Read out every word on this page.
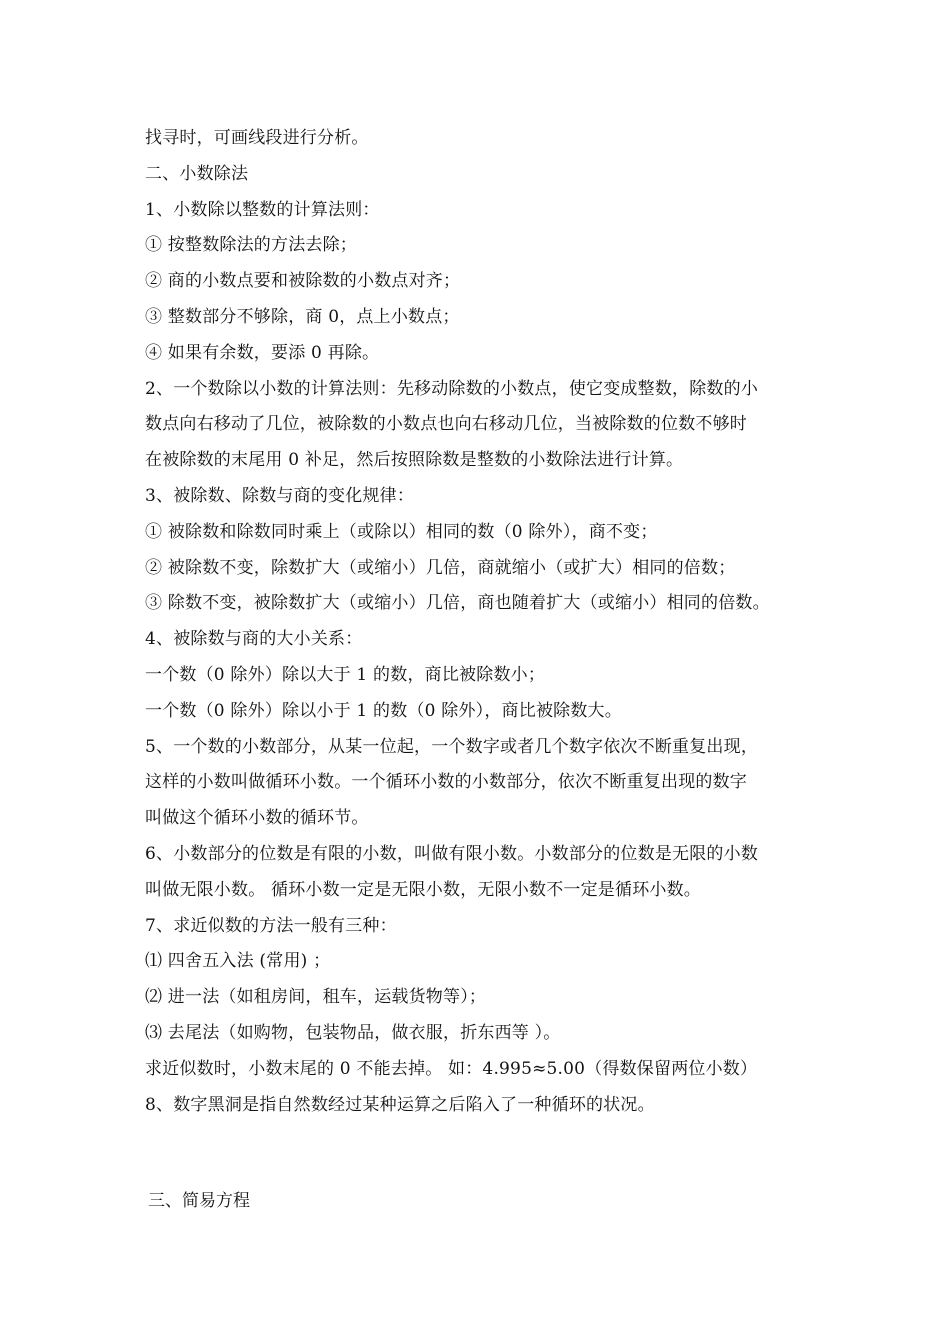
找寻时，可画线段进行分析。
二、小数除法
1、小数除以整数的计算法则：
① 按整数除法的方法去除；
② 商的小数点要和被除数的小数点对齐；
③ 整数部分不够除，商 0，点上小数点；
④ 如果有余数，要添 0 再除。
2、一个数除以小数的计算法则：先移动除数的小数点，使它变成整数，除数的小
数点向右移动了几位，被除数的小数点也向右移动几位，当被除数的位数不够时
在被除数的末尾用 0 补足，然后按照除数是整数的小数除法进行计算。
3、被除数、除数与商的变化规律：
① 被除数和除数同时乘上（或除以）相同的数（0 除外），商不变；
② 被除数不变，除数扩大（或缩小）几倍，商就缩小（或扩大）相同的倍数；
③ 除数不变，被除数扩大（或缩小）几倍，商也随着扩大（或缩小）相同的倍数。
4、被除数与商的大小关系：
一个数（0 除外）除以大于 1 的数，商比被除数小；
一个数（0 除外）除以小于 1 的数（0 除外），商比被除数大。
5、一个数的小数部分，从某一位起，一个数字或者几个数字依次不断重复出现，
这样的小数叫做循环小数。一个循环小数的小数部分，依次不断重复出现的数字
叫做这个循环小数的循环节。
6、小数部分的位数是有限的小数，叫做有限小数。小数部分的位数是无限的小数
叫做无限小数。 循环小数一定是无限小数，无限小数不一定是循环小数。
7、求近似数的方法一般有三种：
⑴ 四舍五入法 (常用) ；
⑵ 进一法（如租房间，租车，运载货物等）；
⑶ 去尾法（如购物，包装物品，做衣服，折东西等 ）。
求近似数时，小数末尾的 0 不能去掉。 如：4.995≈5.00（得数保留两位小数）
8、数字黑洞是指自然数经过某种运算之后陷入了一种循环的状况。
三、简易方程
